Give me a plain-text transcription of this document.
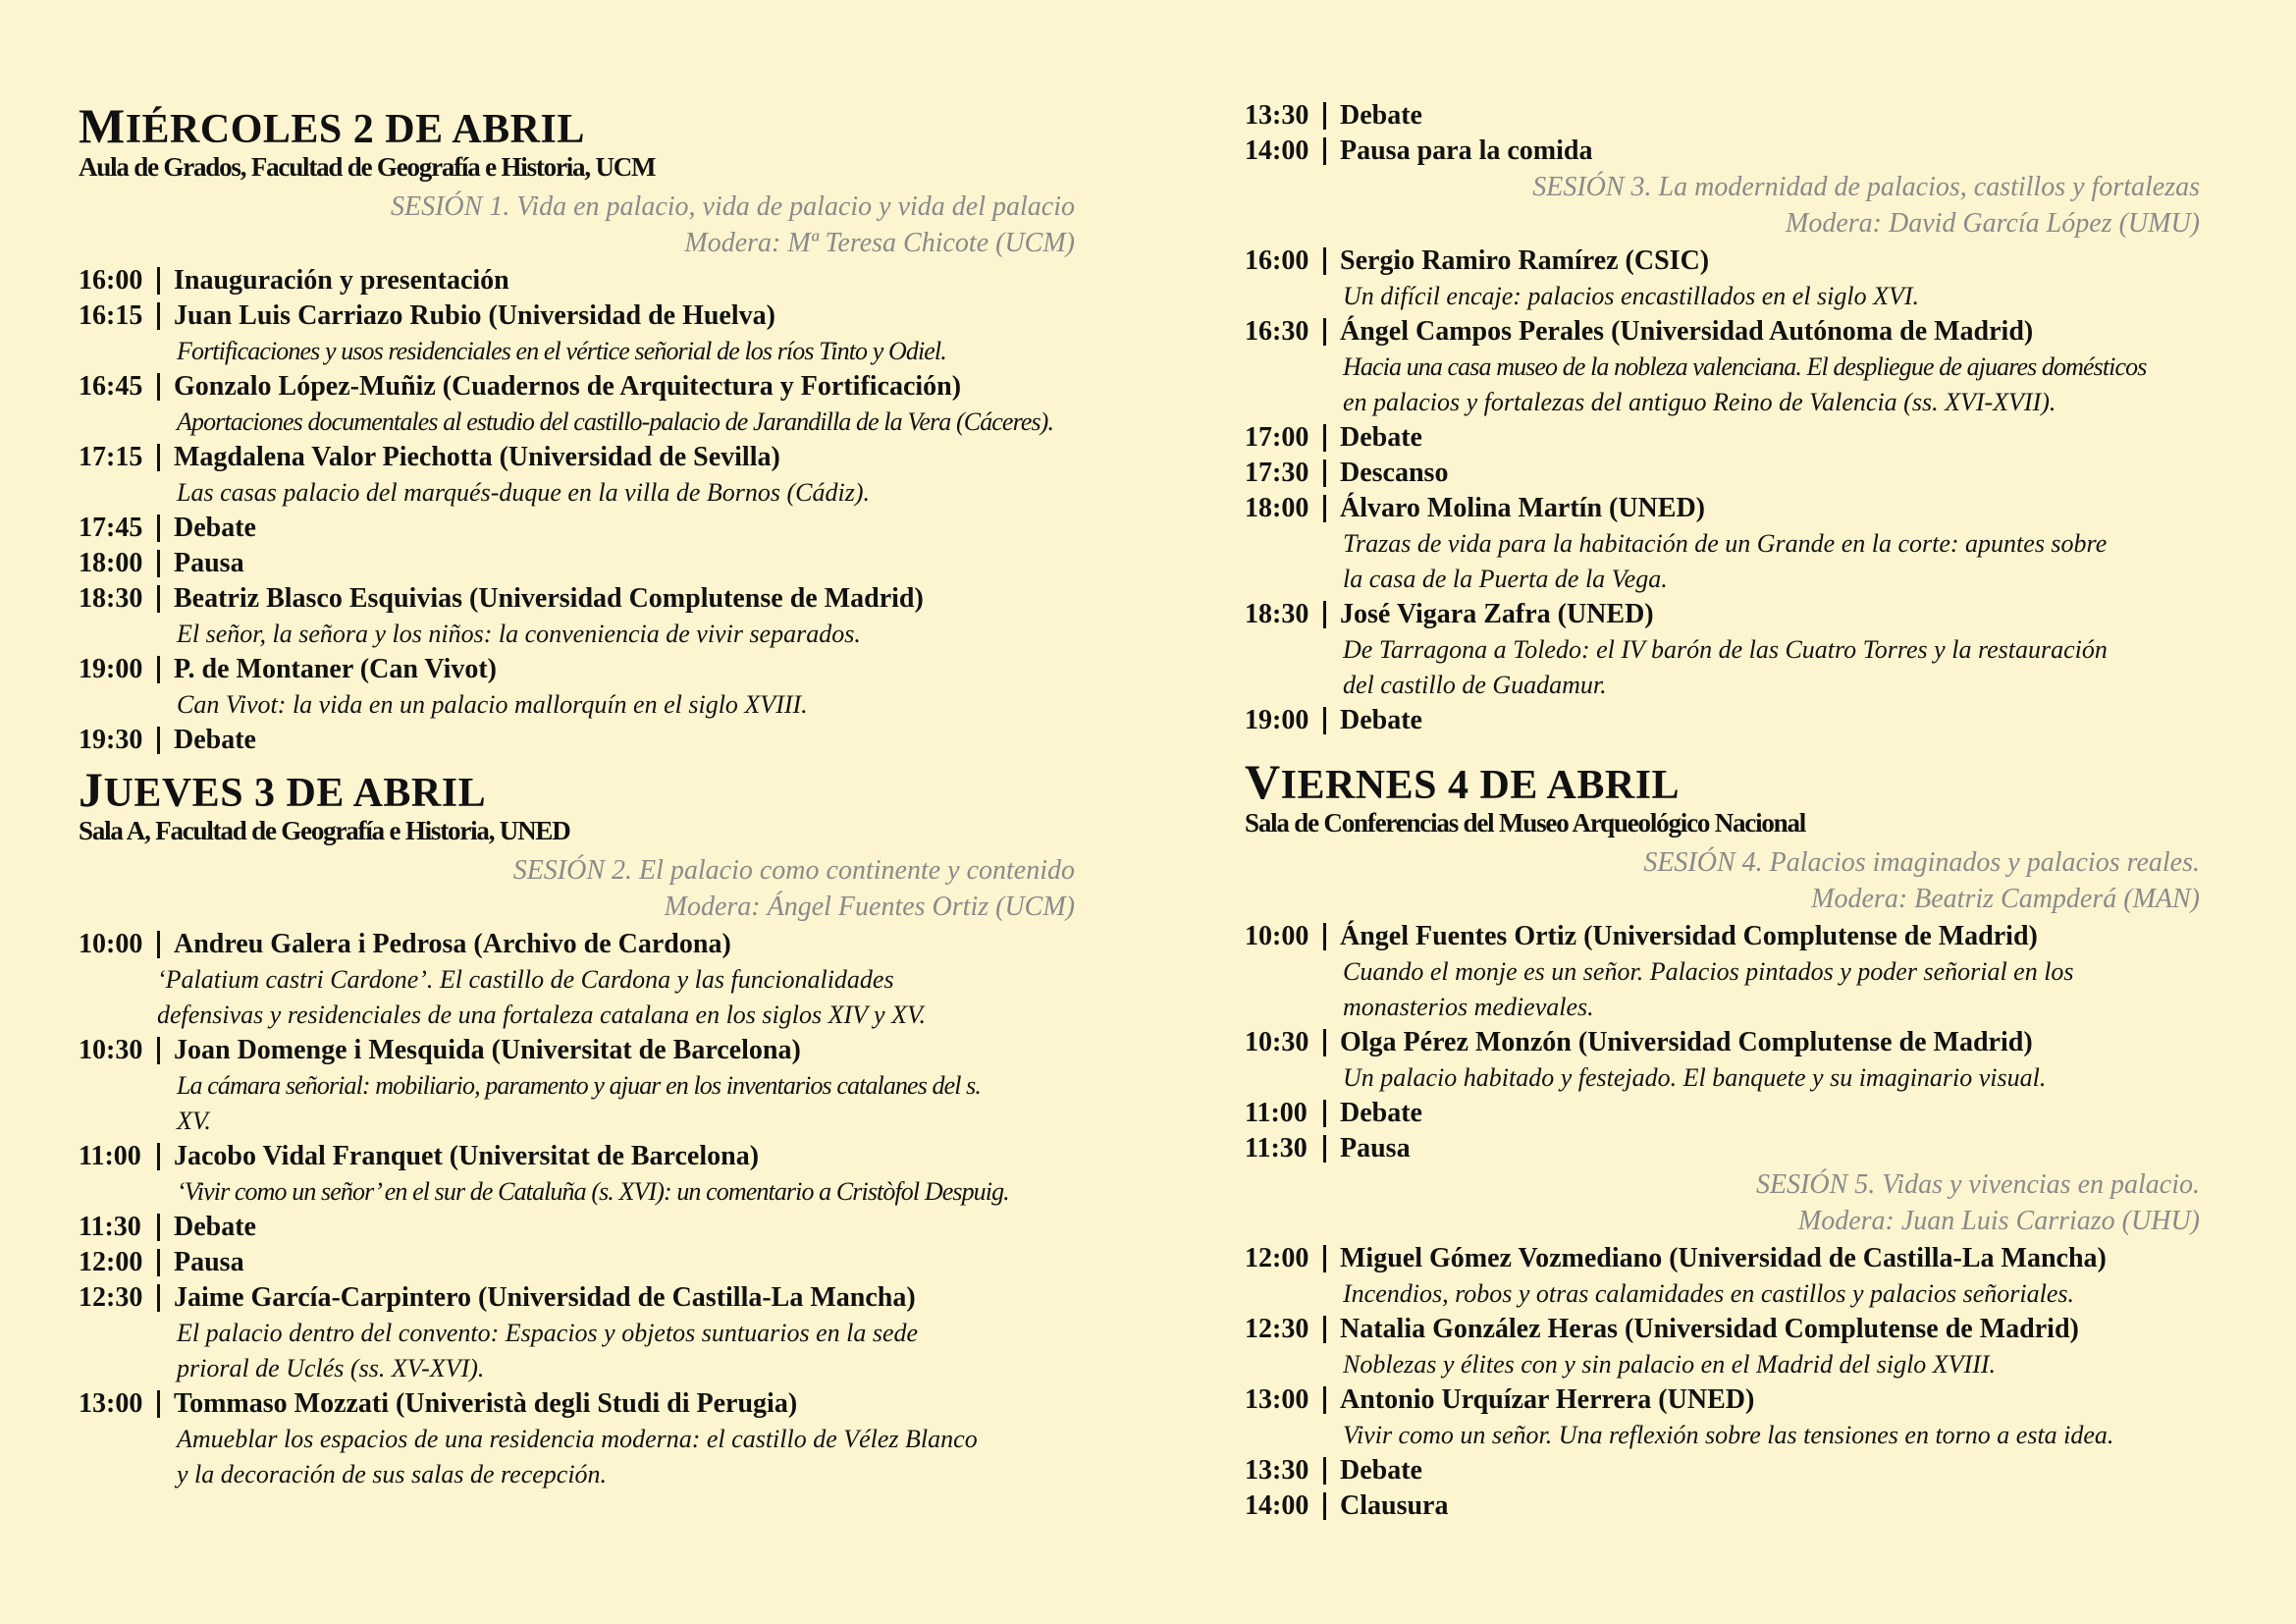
MIÉRCOLES 2 DE ABRIL
Aula de Grados, Facultad de Geografía e Historia, UCM
SESIÓN 1. Vida en palacio, vida de palacio y vida del palacio
Modera: Mª Teresa Chicote (UCM)
16:00 Inauguración y presentación
16:15 Juan Luis Carriazo Rubio (Universidad de Huelva)
Fortificaciones y usos residenciales en el vértice señorial de los ríos Tinto y Odiel.
16:45 Gonzalo López-Muñiz (Cuadernos de Arquitectura y Fortificación)
Aportaciones documentales al estudio del castillo-palacio de Jarandilla de la Vera (Cáceres).
17:15 Magdalena Valor Piechotta (Universidad de Sevilla)
Las casas palacio del marqués-duque en la villa de Bornos (Cádiz).
17:45 Debate
18:00 Pausa
18:30 Beatriz Blasco Esquivias (Universidad Complutense de Madrid)
El señor, la señora y los niños: la conveniencia de vivir separados.
19:00 P. de Montaner (Can Vivot)
Can Vivot: la vida en un palacio mallorquín en el siglo XVIII.
19:30 Debate
JUEVES 3 DE ABRIL
Sala A, Facultad de Geografía e Historia, UNED
SESIÓN 2. El palacio como continente y contenido
Modera: Ángel Fuentes Ortiz (UCM)
10:00 Andreu Galera i Pedrosa (Archivo de Cardona)
‘Palatium castri Cardone’. El castillo de Cardona y las funcionalidades
defensivas y residenciales de una fortaleza catalana en los siglos XIV y XV.
10:30 Joan Domenge i Mesquida (Universitat de Barcelona)
La cámara señorial: mobiliario, paramento y ajuar en los inventarios catalanes del s.
XV.
11:00 Jacobo Vidal Franquet (Universitat de Barcelona)
‘Vivir como un señor’ en el sur de Cataluña (s. XVI): un comentario a Cristòfol Despuig.
11:30 Debate
12:00 Pausa
12:30 Jaime García-Carpintero (Universidad de Castilla-La Mancha)
El palacio dentro del convento: Espacios y objetos suntuarios en la sede
prioral de Uclés (ss. XV-XVI).
13:00 Tommaso Mozzati (Univeristà degli Studi di Perugia)
Amueblar los espacios de una residencia moderna: el castillo de Vélez Blanco
y la decoración de sus salas de recepción.
13:30 Debate
14:00 Pausa para la comida
SESIÓN 3. La modernidad de palacios, castillos y fortalezas
Modera: David García López (UMU)
16:00 Sergio Ramiro Ramírez (CSIC)
Un difícil encaje: palacios encastillados en el siglo XVI.
16:30 Ángel Campos Perales (Universidad Autónoma de Madrid)
Hacia una casa museo de la nobleza valenciana. El despliegue de ajuares domésticos
en palacios y fortalezas del antiguo Reino de Valencia (ss. XVI-XVII).
17:00 Debate
17:30 Descanso
18:00 Álvaro Molina Martín (UNED)
Trazas de vida para la habitación de un Grande en la corte: apuntes sobre
la casa de la Puerta de la Vega.
18:30 José Vigara Zafra (UNED)
De Tarragona a Toledo: el IV barón de las Cuatro Torres y la restauración
del castillo de Guadamur.
19:00 Debate
VIERNES 4 DE ABRIL
Sala de Conferencias del Museo Arqueológico Nacional
SESIÓN 4. Palacios imaginados y palacios reales.
Modera: Beatriz Campderá (MAN)
10:00 Ángel Fuentes Ortiz (Universidad Complutense de Madrid)
Cuando el monje es un señor. Palacios pintados y poder señorial en los
monasterios medievales.
10:30 Olga Pérez Monzón (Universidad Complutense de Madrid)
Un palacio habitado y festejado. El banquete y su imaginario visual.
11:00 Debate
11:30 Pausa
SESIÓN 5. Vidas y vivencias en palacio.
Modera: Juan Luis Carriazo (UHU)
12:00 Miguel Gómez Vozmediano (Universidad de Castilla-La Mancha)
Incendios, robos y otras calamidades en castillos y palacios señoriales.
12:30 Natalia González Heras (Universidad Complutense de Madrid)
Noblezas y élites con y sin palacio en el Madrid del siglo XVIII.
13:00 Antonio Urquízar Herrera (UNED)
Vivir como un señor. Una reflexión sobre las tensiones en torno a esta idea.
13:30 Debate
14:00 Clausura
